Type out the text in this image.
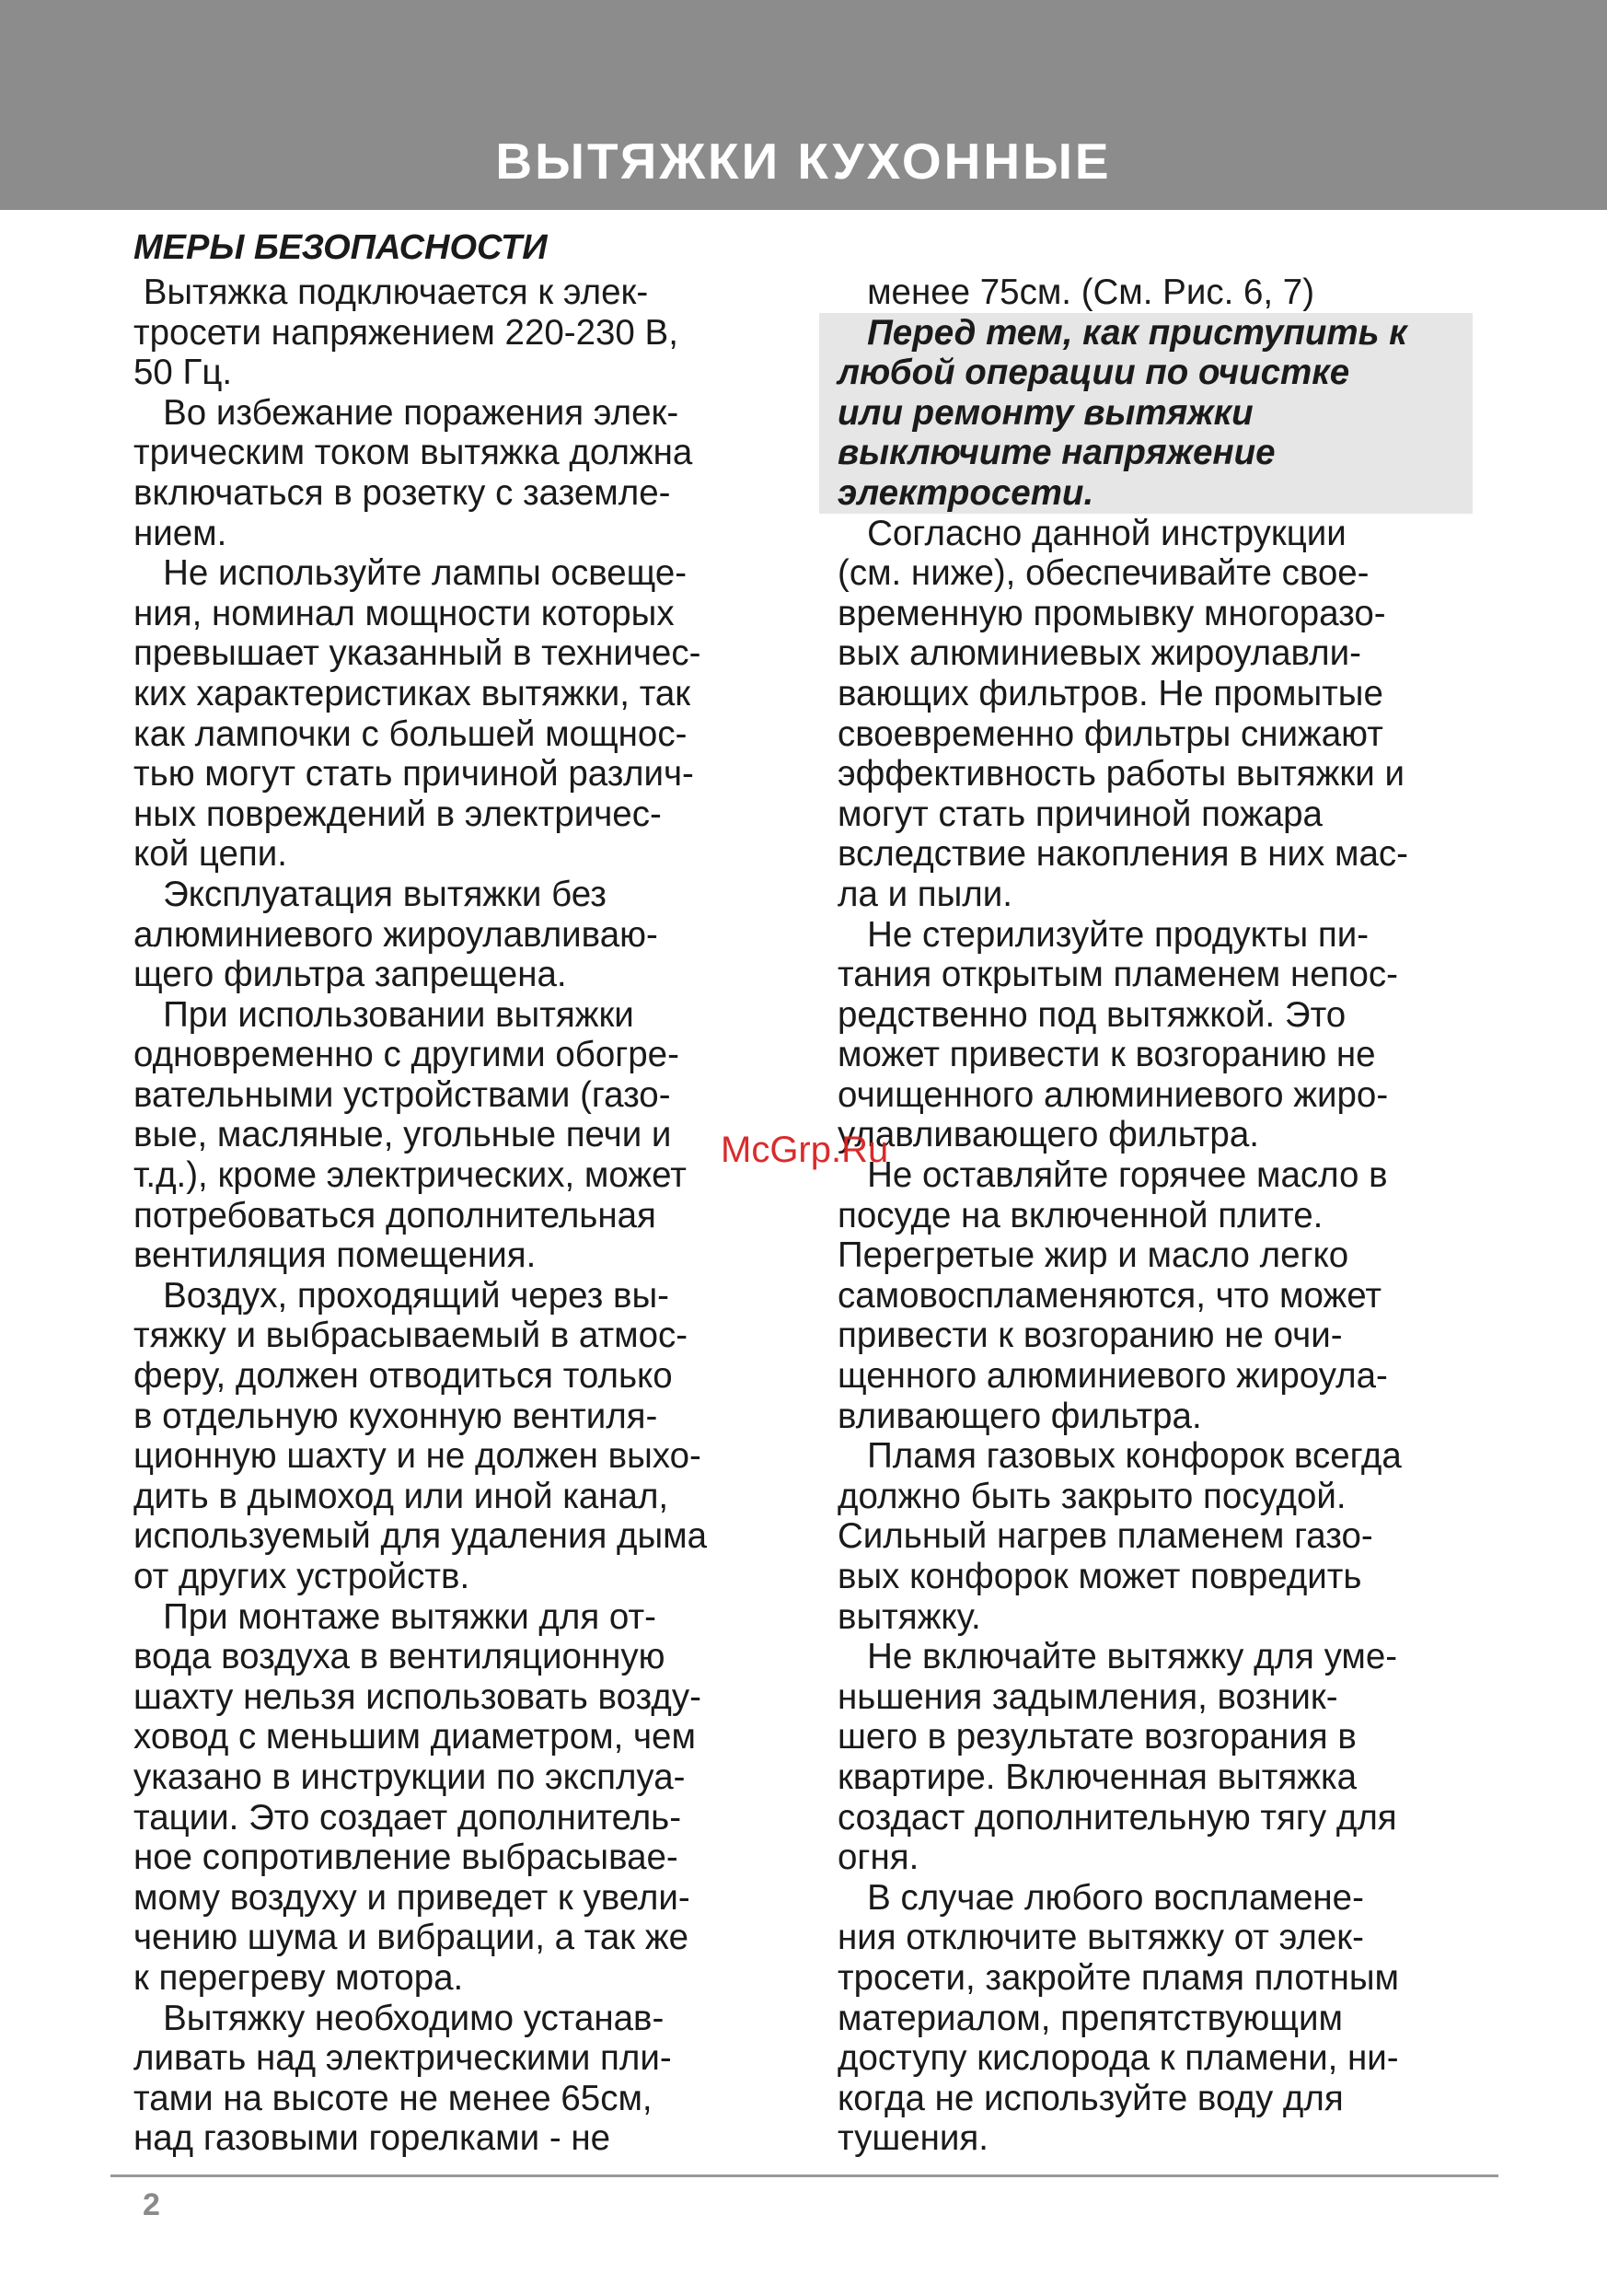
ВЫТЯЖКИ КУХОННЫЕ
МЕРЫ БЕЗОПАСНОСТИ

Вытяжка подключается к элек-

тросети напряжением 220-230 В,

50 Гц.

Во избежание поражения элек-

трическим током вытяжка должна

включаться в розетку с заземле-

нием.

Не используйте лампы освеще-

ния, номинал мощности которых

превышает указанный в техничес-

ких характеристиках вытяжки, так

как лампочки с большей мощнос-

тью могут стать причиной различ-

ных повреждений в электричес-

кой цепи.

Эксплуатация вытяжки без

алюминиевого жироулавливаю-

щего фильтра запрещена.

При использовании вытяжки

одновременно с другими обогре-

вательными устройствами (газо-

вые, масляные, угольные печи и

т.д.), кроме электрических, может

потребоваться дополнительная

вентиляция помещения.

Воздух, проходящий через вы-

тяжку и выбрасываемый в атмос-

феру, должен отводиться только

в отдельную кухонную вентиля-

ционную шахту и не должен выхо-

дить в дымоход или иной канал,

используемый для удаления дыма

от других устройств.

При монтаже вытяжки для от-

вода воздуха в вентиляционную

шахту нельзя использовать возду-

ховод с меньшим диаметром, чем

указано в инструкции по эксплуа-

тации. Это создает дополнитель-

ное сопротивление выбрасывае-

мому воздуху и приведет к увели-

чению шума и вибрации, а так же

к перегреву мотора.

Вытяжку необходимо устанав-

ливать над электрическими пли-

тами на высоте не менее 65см,

над газовыми горелками - не

менее 75см. (См. Рис. 6, 7)

Перед тем, как приступить к

любой операции по очистке

или ремонту вытяжки

выключите напряжение

электросети.

Согласно данной инструкции

(см. ниже), обеспечивайте свое-

временную промывку многоразо-

вых алюминиевых жироулавли-

вающих фильтров. Не промытые

своевременно фильтры снижают

эффективность работы вытяжки и

могут стать причиной пожара

вследствие накопления в них мас-

ла и пыли.

Не стерилизуйте продукты пи-

тания открытым пламенем непос-

редственно под вытяжкой. Это

может привести к возгоранию не

очищенного алюминиевого жиро-

улавливающего фильтра.

Не оставляйте горячее масло в

посуде на включенной плите.

Перегретые жир и масло легко

самовоспламеняются, что может

привести к возгоранию не очи-

щенного алюминиевого жироула-

вливающего фильтра.

Пламя газовых конфорок всегда

должно быть закрыто посудой.

Сильный нагрев пламенем газо-

вых конфорок может повредить

вытяжку.

Не включайте вытяжку для уме-

ньшения задымления, возник-

шего в результате возгорания в

квартире. Включенная вытяжка

создаст дополнительную тягу для

огня.

В случае любого воспламене-

ния отключите вытяжку от элек-

тросети, закройте пламя плотным

материалом, препятствующим

доступу кислорода к пламени, ни-

когда не используйте воду для

тушения.

McGrp.Ru
2
